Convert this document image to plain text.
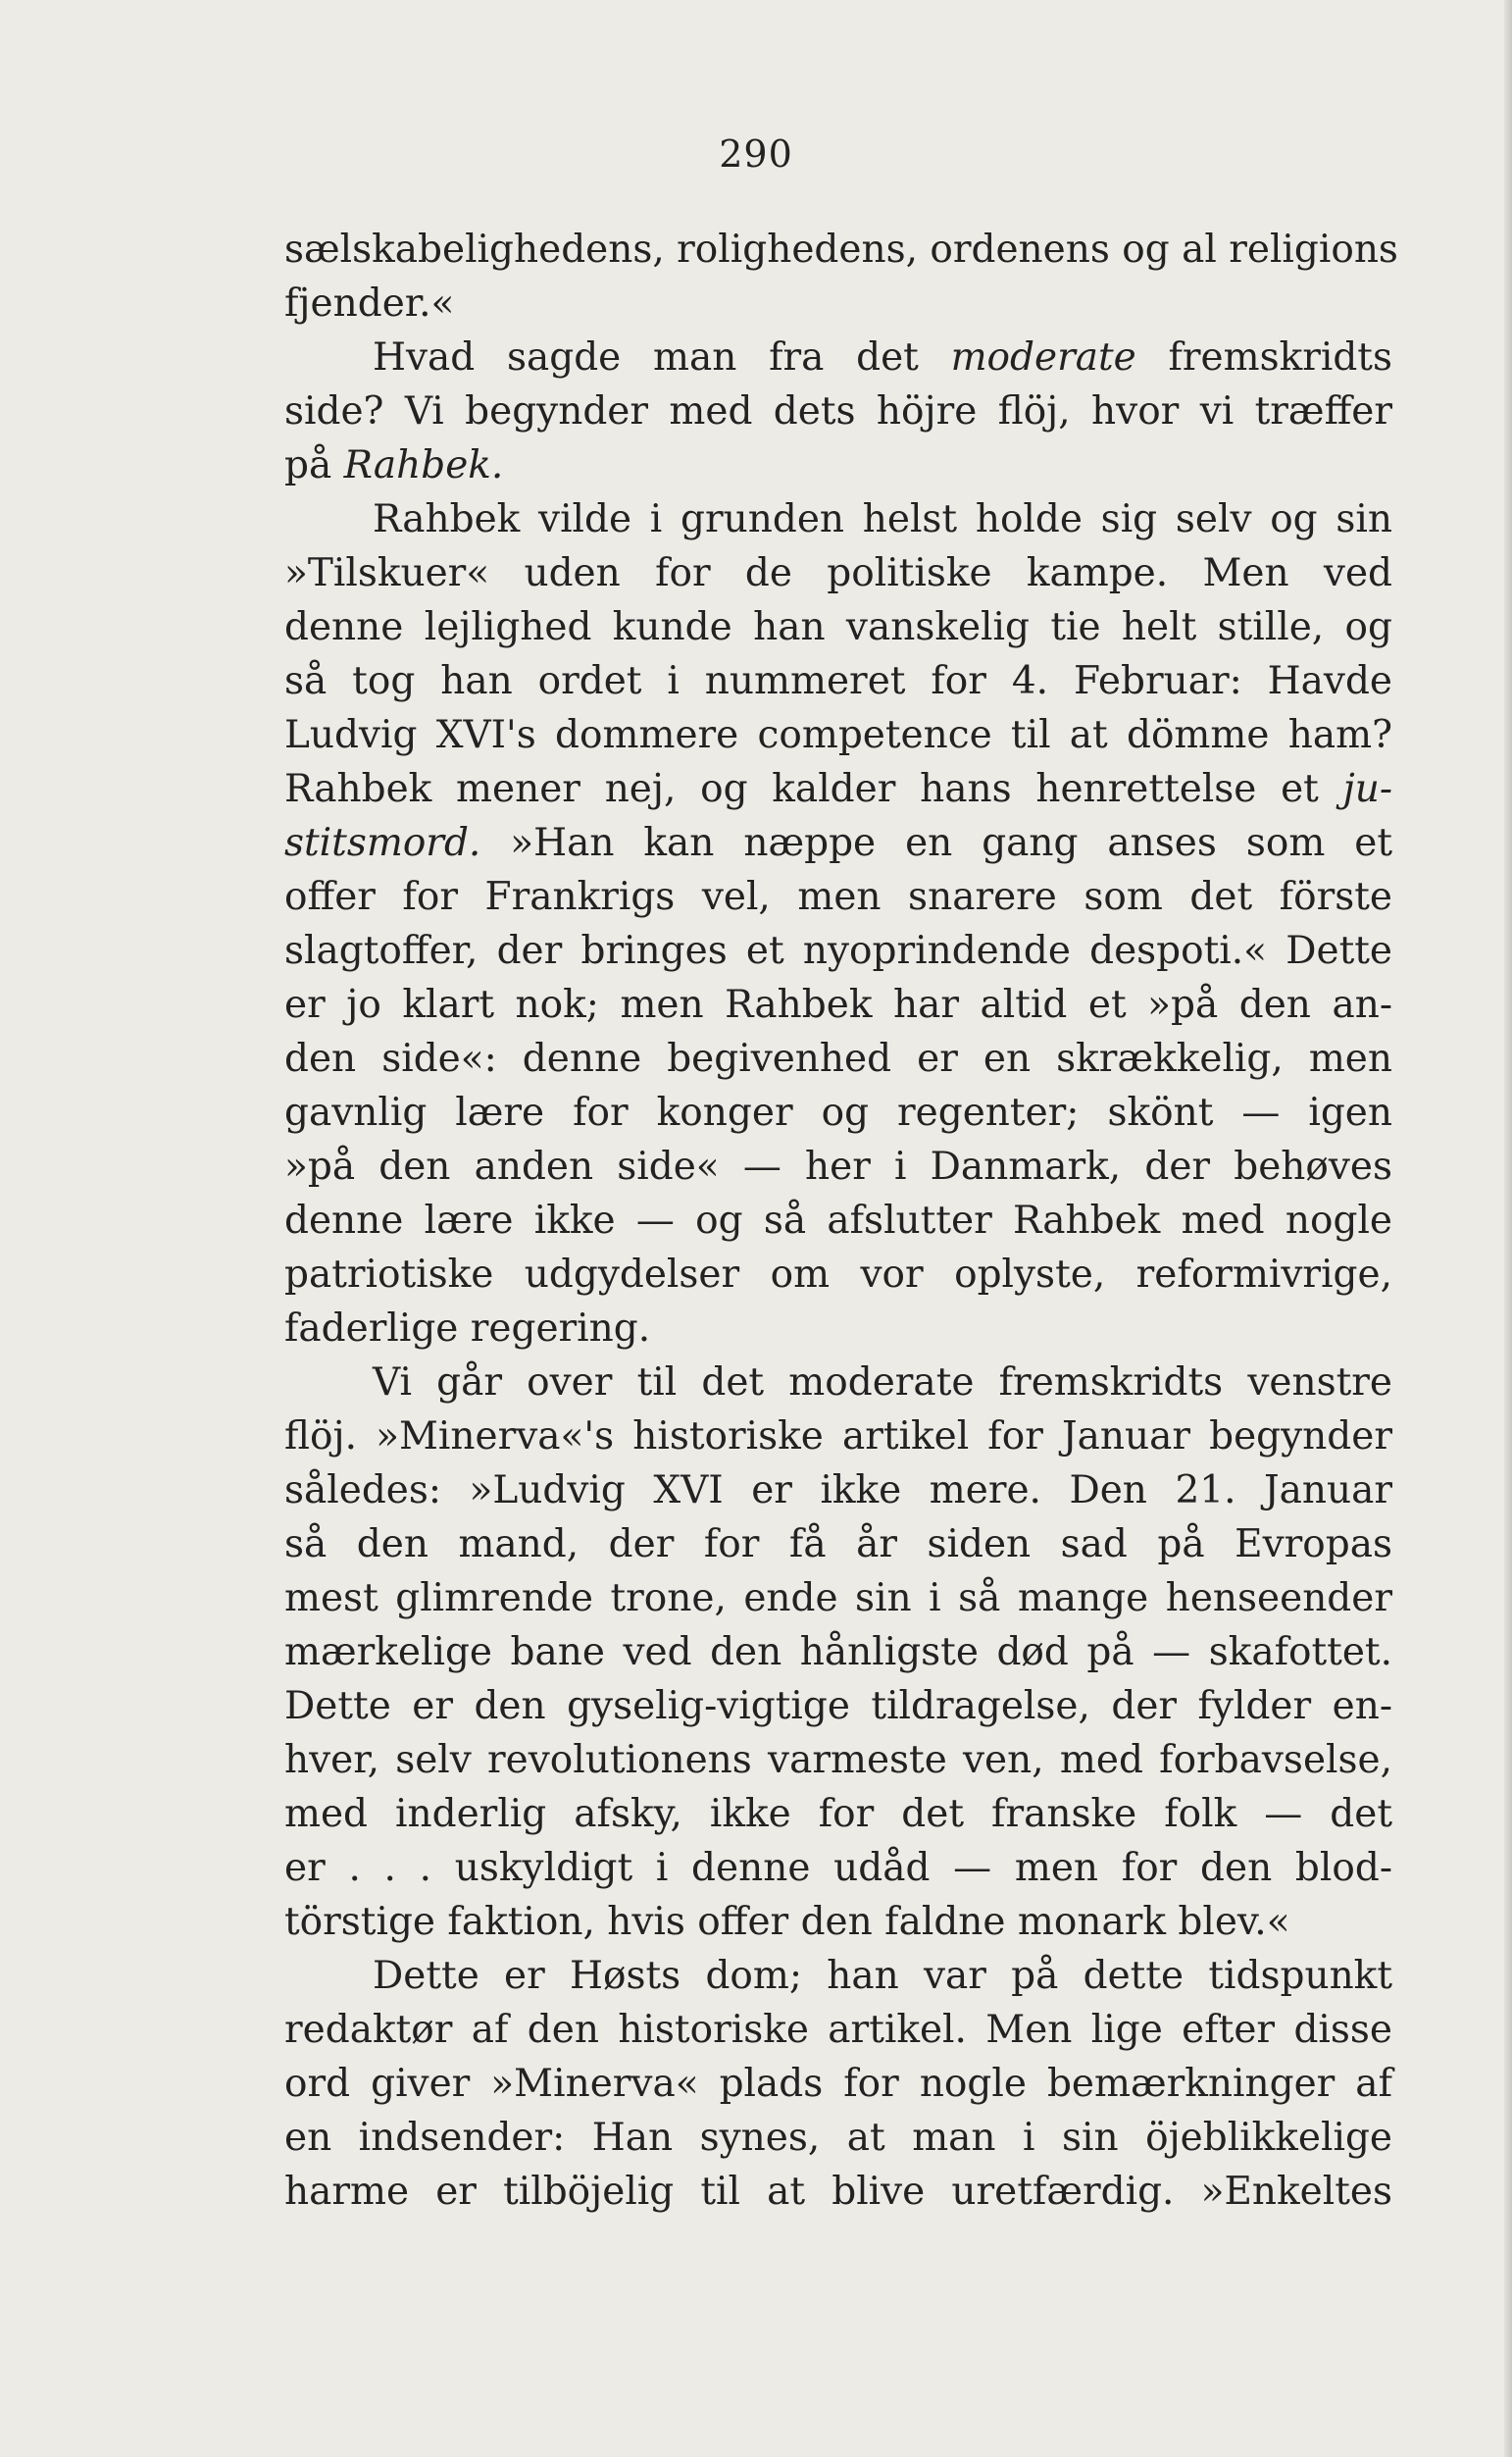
290
sælskabelighedens, rolighedens, ordenens og al religions
fjender.«
Hvad sagde man fra det moderate fremskridts
side? Vi begynder med dets höjre flöj, hvor vi træffer
på Rahbek.
Rahbek vilde i grunden helst holde sig selv og sin
»Tilskuer« uden for de politiske kampe. Men ved
denne lejlighed kunde han vanskelig tie helt stille, og
så tog han ordet i nummeret for 4. Februar: Havde
Ludvig XVI's dommere competence til at dömme ham?
Rahbek mener nej, og kalder hans henrettelse et ju-
stitsmord. »Han kan næppe en gang anses som et
offer for Frankrigs vel, men snarere som det förste
slagtoffer, der bringes et nyoprindende despoti.« Dette
er jo klart nok; men Rahbek har altid et »på den an-
den side«: denne begivenhed er en skrækkelig, men
gavnlig lære for konger og regenter; skönt — igen
»på den anden side« — her i Danmark, der behøves
denne lære ikke — og så afslutter Rahbek med nogle
patriotiske udgydelser om vor oplyste, reformivrige,
faderlige regering.
Vi går over til det moderate fremskridts venstre
flöj. »Minerva«'s historiske artikel for Januar begynder
således: »Ludvig XVI er ikke mere. Den 21. Januar
så den mand, der for få år siden sad på Evropas
mest glimrende trone, ende sin i så mange henseender
mærkelige bane ved den hånligste død på — skafottet.
Dette er den gyselig-vigtige tildragelse, der fylder en-
hver, selv revolutionens varmeste ven, med forbavselse,
med inderlig afsky, ikke for det franske folk — det
er . . . uskyldigt i denne udåd — men for den blod-
törstige faktion, hvis offer den faldne monark blev.«
Dette er Høsts dom; han var på dette tidspunkt
redaktør af den historiske artikel. Men lige efter disse
ord giver »Minerva« plads for nogle bemærkninger af
en indsender: Han synes, at man i sin öjeblikkelige
harme er tilböjelig til at blive uretfærdig. »Enkeltes
